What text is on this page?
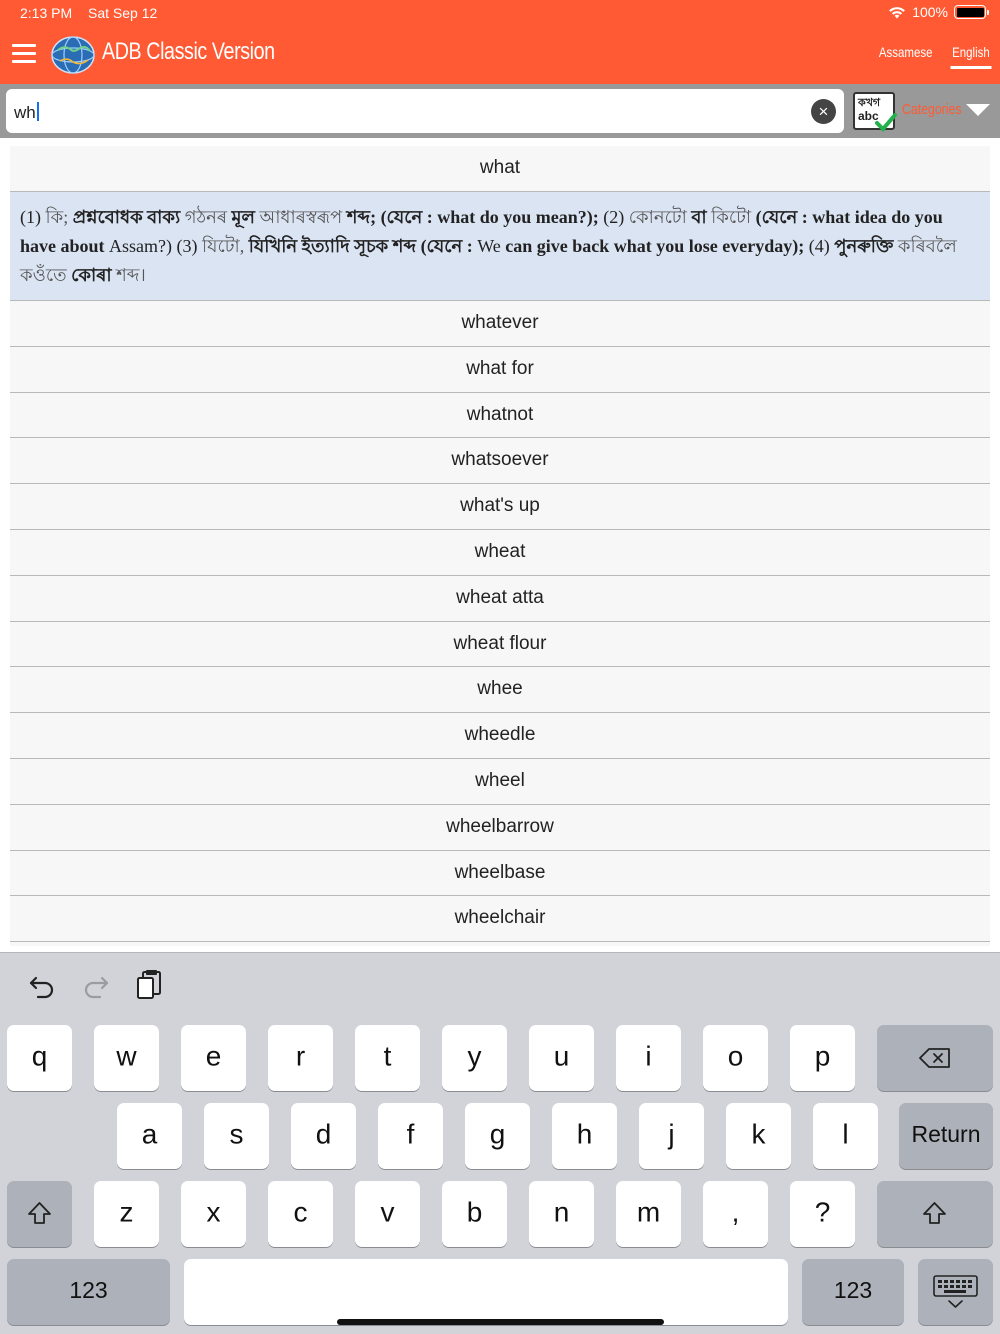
2:13 PM Sat Sep 12	100%
ADB Classic Version	Assamese English
wh	×	কখগ
abc Categories
what
(1) কি; প্ৰশ্নবোধক বাক্য গঠনৰ মূল আধাৰস্বৰূপ শব্দ; (যেনে : what do you mean?); (2) কোনটো বা কিটো (যেনে : what idea do you have about Assam?) (3) যিটো, যিখিনি ইত্যাদি সূচক শব্দ (যেনে : We can give back what you lose everyday); (4) পুনৰুক্তি কৰিবলৈ কওঁতে কোৰা শব্দ।
whatever
what for
whatnot
whatsoever
what's up
wheat
wheat atta
wheat flour
whee
wheedle
wheel
wheelbarrow
wheelbase
wheelchair
q	w	e	r	t	y	u	i	o	p
a	s	d	f	g	h	j	k	l	Return
z	x	c	v	b	n	m	,	?
123	123
